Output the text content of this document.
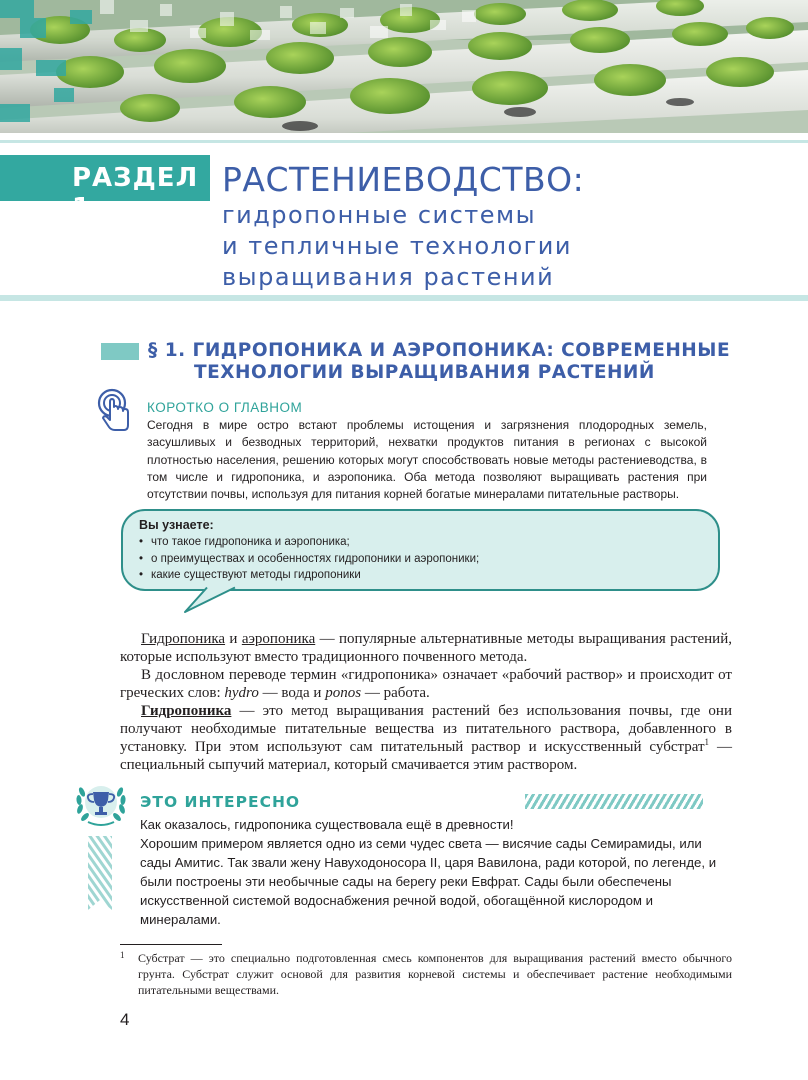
РАЗДЕЛ 1
РАСТЕНИЕВОДСТВО:
гидропонные системы
и тепличные технологии
выращивания растений
§ 1. ГИДРОПОНИКА И АЭРОПОНИКА: СОВРЕМЕННЫЕ
ТЕХНОЛОГИИ ВЫРАЩИВАНИЯ РАСТЕНИЙ
КОРОТКО О ГЛАВНОМ
Сегодня в мире остро встают проблемы истощения и загрязнения плодородных земель, засушливых и безводных территорий, нехватки продуктов питания в регионах с высокой плотностью населения, решению которых могут способствовать новые методы растениеводства, в том числе и гидропоника, и аэропоника. Оба метода позволяют выращивать растения при отсутствии почвы, используя для питания корней богатые минералами питательные растворы.
Вы узнаете:
• что такое гидропоника и аэропоника;
• о преимуществах и особенностях гидропоники и аэропоники;
• какие существуют методы гидропоники

Гидропоника и аэропоника — популярные альтернативные методы выращивания растений, которые используют вместо традиционного почвенного метода.

В дословном переводе термин «гидропоника» означает «рабочий раствор» и происходит от греческих слов: hydro — вода и ponos — работа.

Гидропоника — это метод выращивания растений без использования почвы, где они получают необходимые питательные вещества из питательного раствора, добавленного в установку. При этом используют сам питательный раствор и искусственный субстрат$^1$ — специальный сыпучий материал, который смачивается этим раствором.

ЭТО ИНТЕРЕСНО

Как оказалось, гидропоника существовала ещё в древности!

Хорошим примером является одно из семи чудес света — висячие сады Семирамиды, или сады Амитис. Так звали жену Навуходоносора II, царя Вавилона, ради которой, по легенде, и были построены эти необычные сады на берегу реки Евфрат. Сады были обеспечены искусственной системой водоснабжения речной водой, обогащённой кислородом и минералами.

1	Субстрат — это специально подготовленная смесь компонентов для выращивания растений вместо обычного грунта. Субстрат служит основой для развития корневой системы и обеспечивает растение необходимыми питательными веществами.
4
